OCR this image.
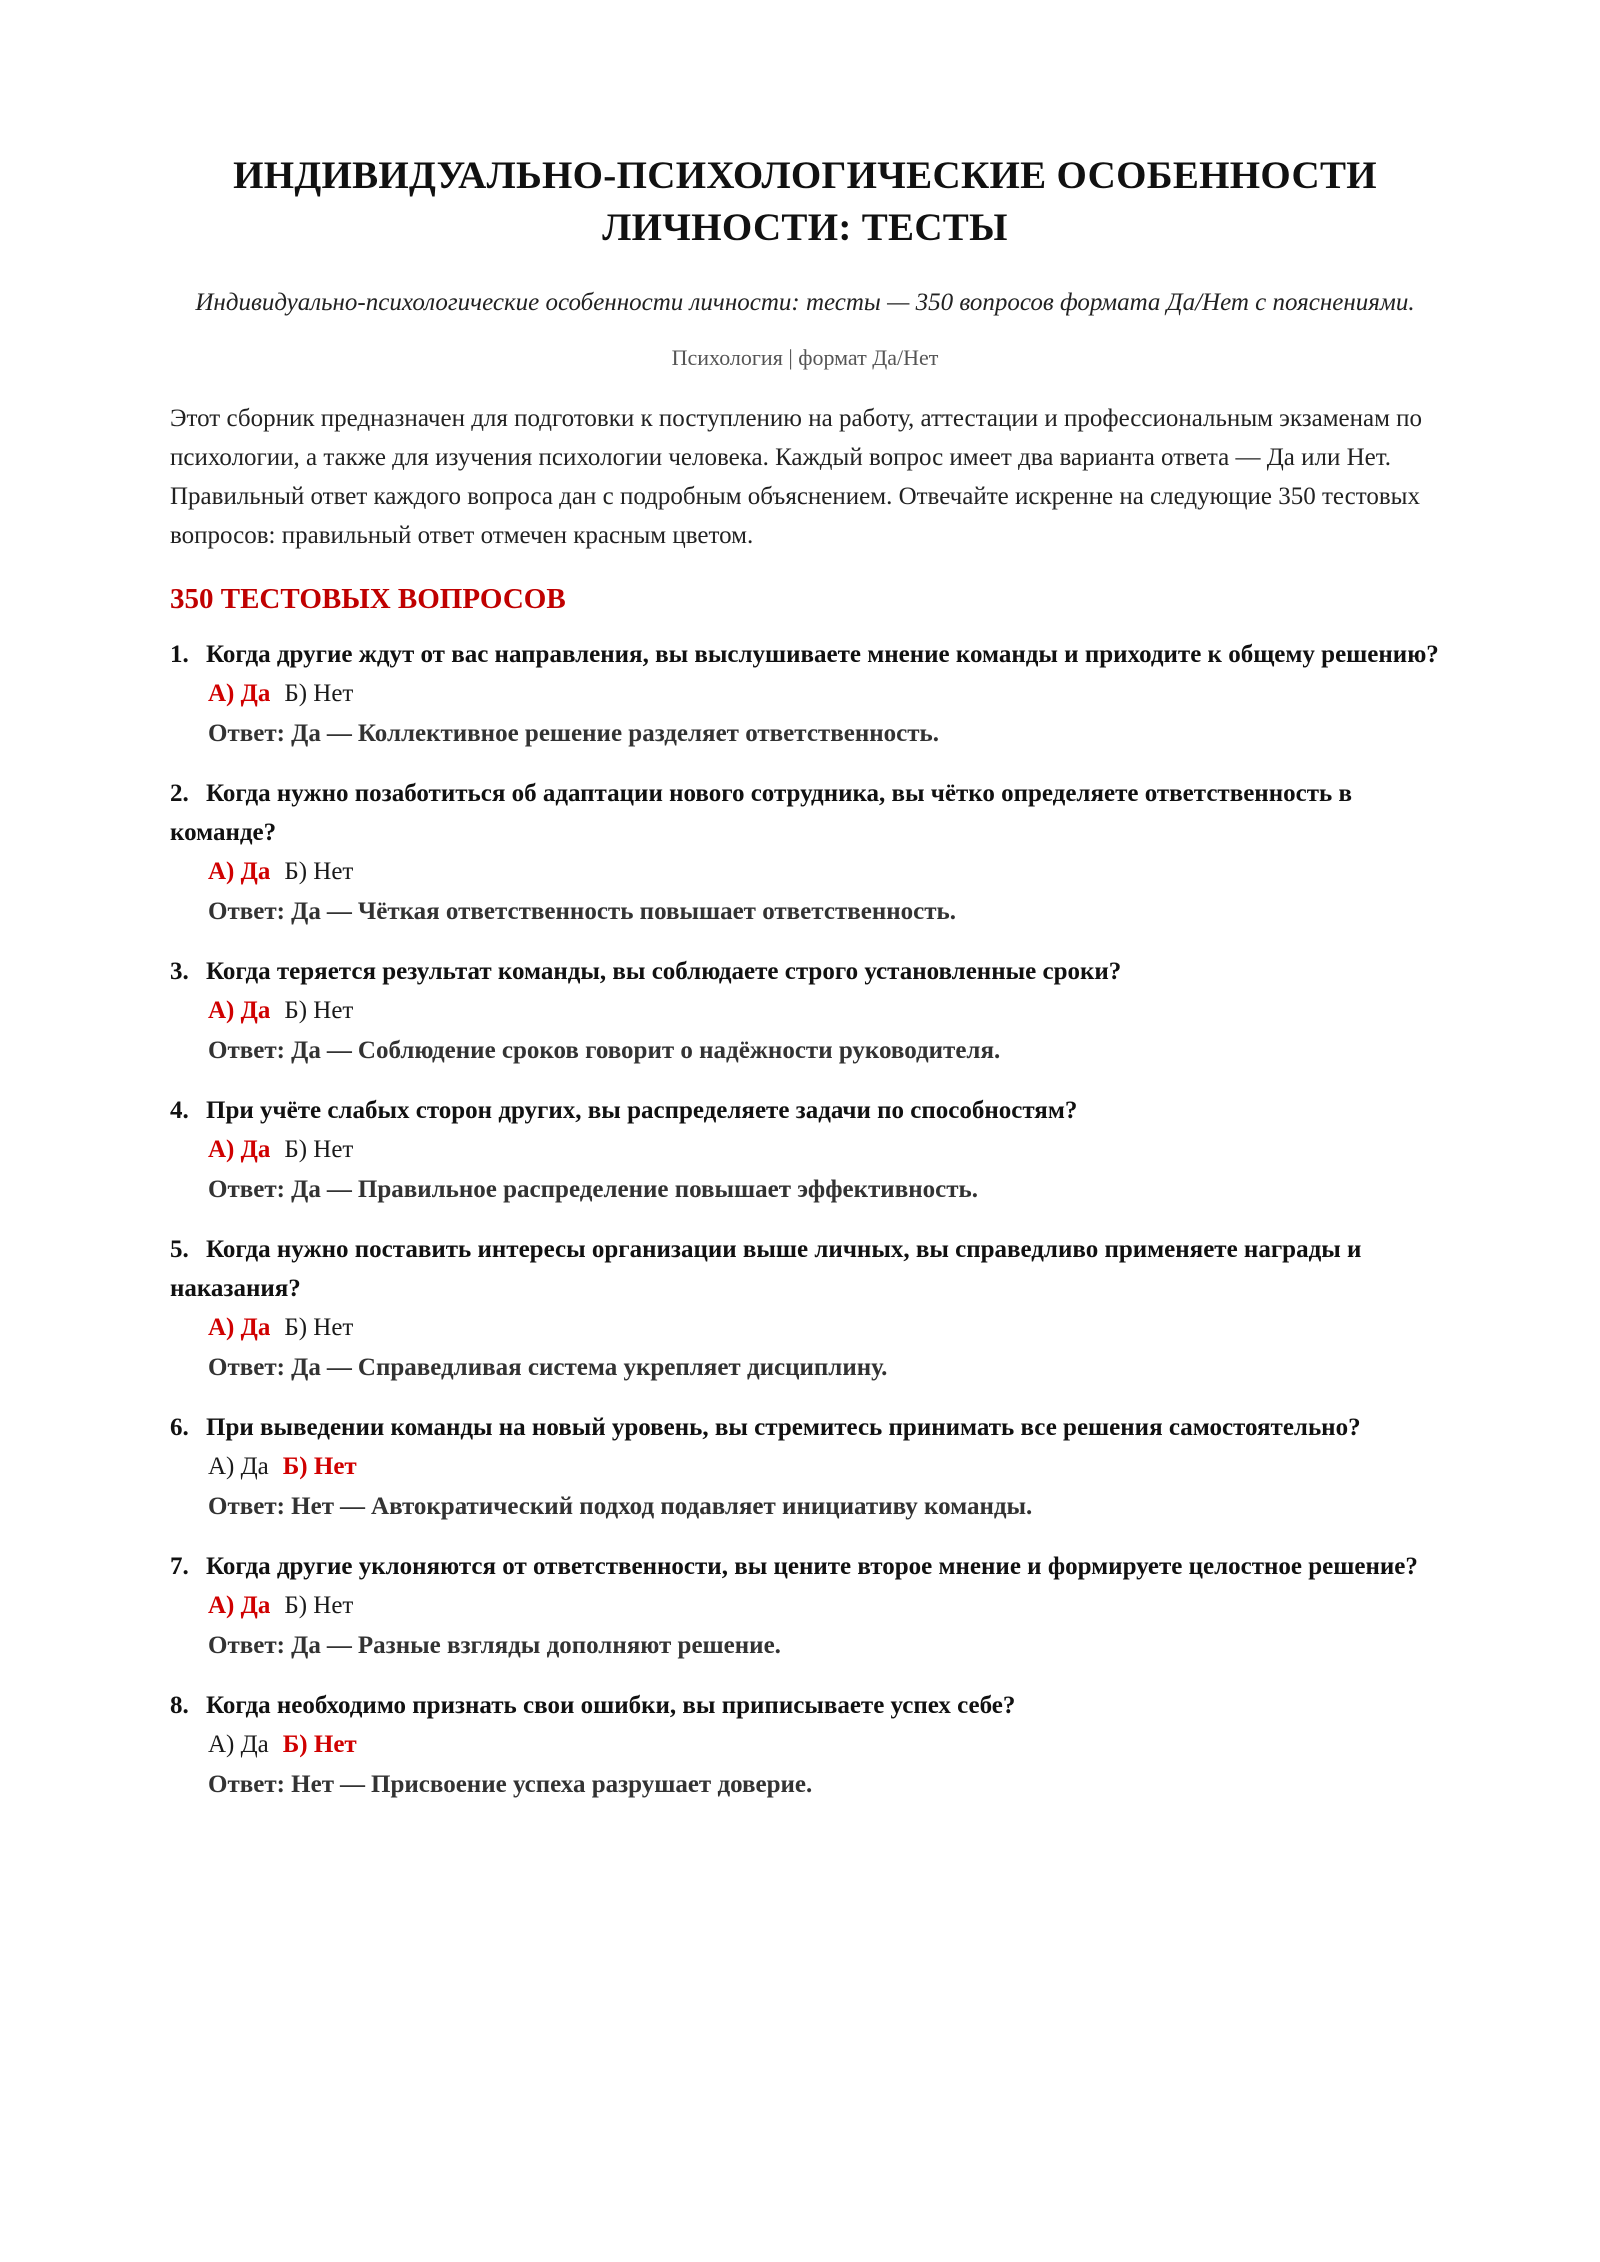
ИНДИВИДУАЛЬНО-ПСИХОЛОГИЧЕСКИЕ ОСОБЕННОСТИ ЛИЧНОСТИ: ТЕСТЫ

Индивидуально-психологические особенности личности: тесты — 350 вопросов формата Да/Нет с пояснениями.

Психология | формат Да/Нет

Этот сборник предназначен для подготовки к поступлению на работу, аттестации и профессиональным экзаменам по психологии, а также для изучения психологии человека. Каждый вопрос имеет два варианта ответа — Да или Нет. Правильный ответ каждого вопроса дан с подробным объяснением. Отвечайте искренне на следующие 350 тестовых вопросов: правильный ответ отмечен красным цветом.

350 ТЕСТОВЫХ ВОПРОСОВ
1. Когда другие ждут от вас направления, вы выслушиваете мнение команды и приходите к общему решению?
А) Да Б) Нет
Ответ: Да — Коллективное решение разделяет ответственность.
2. Когда нужно позаботиться об адаптации нового сотрудника, вы чётко определяете ответственность в команде?
А) Да Б) Нет
Ответ: Да — Чёткая ответственность повышает ответственность.
3. Когда теряется результат команды, вы соблюдаете строго установленные сроки?
А) Да Б) Нет
Ответ: Да — Соблюдение сроков говорит о надёжности руководителя.
4. При учёте слабых сторон других, вы распределяете задачи по способностям?
А) Да Б) Нет
Ответ: Да — Правильное распределение повышает эффективность.
5. Когда нужно поставить интересы организации выше личных, вы справедливо применяете награды и наказания?
А) Да Б) Нет
Ответ: Да — Справедливая система укрепляет дисциплину.
6. При выведении команды на новый уровень, вы стремитесь принимать все решения самостоятельно?
А) Да Б) Нет
Ответ: Нет — Автократический подход подавляет инициативу команды.
7. Когда другие уклоняются от ответственности, вы цените второе мнение и формируете целостное решение?
А) Да Б) Нет
Ответ: Да — Разные взгляды дополняют решение.
8. Когда необходимо признать свои ошибки, вы приписываете успех себе?
А) Да Б) Нет
Ответ: Нет — Присвоение успеха разрушает доверие.
